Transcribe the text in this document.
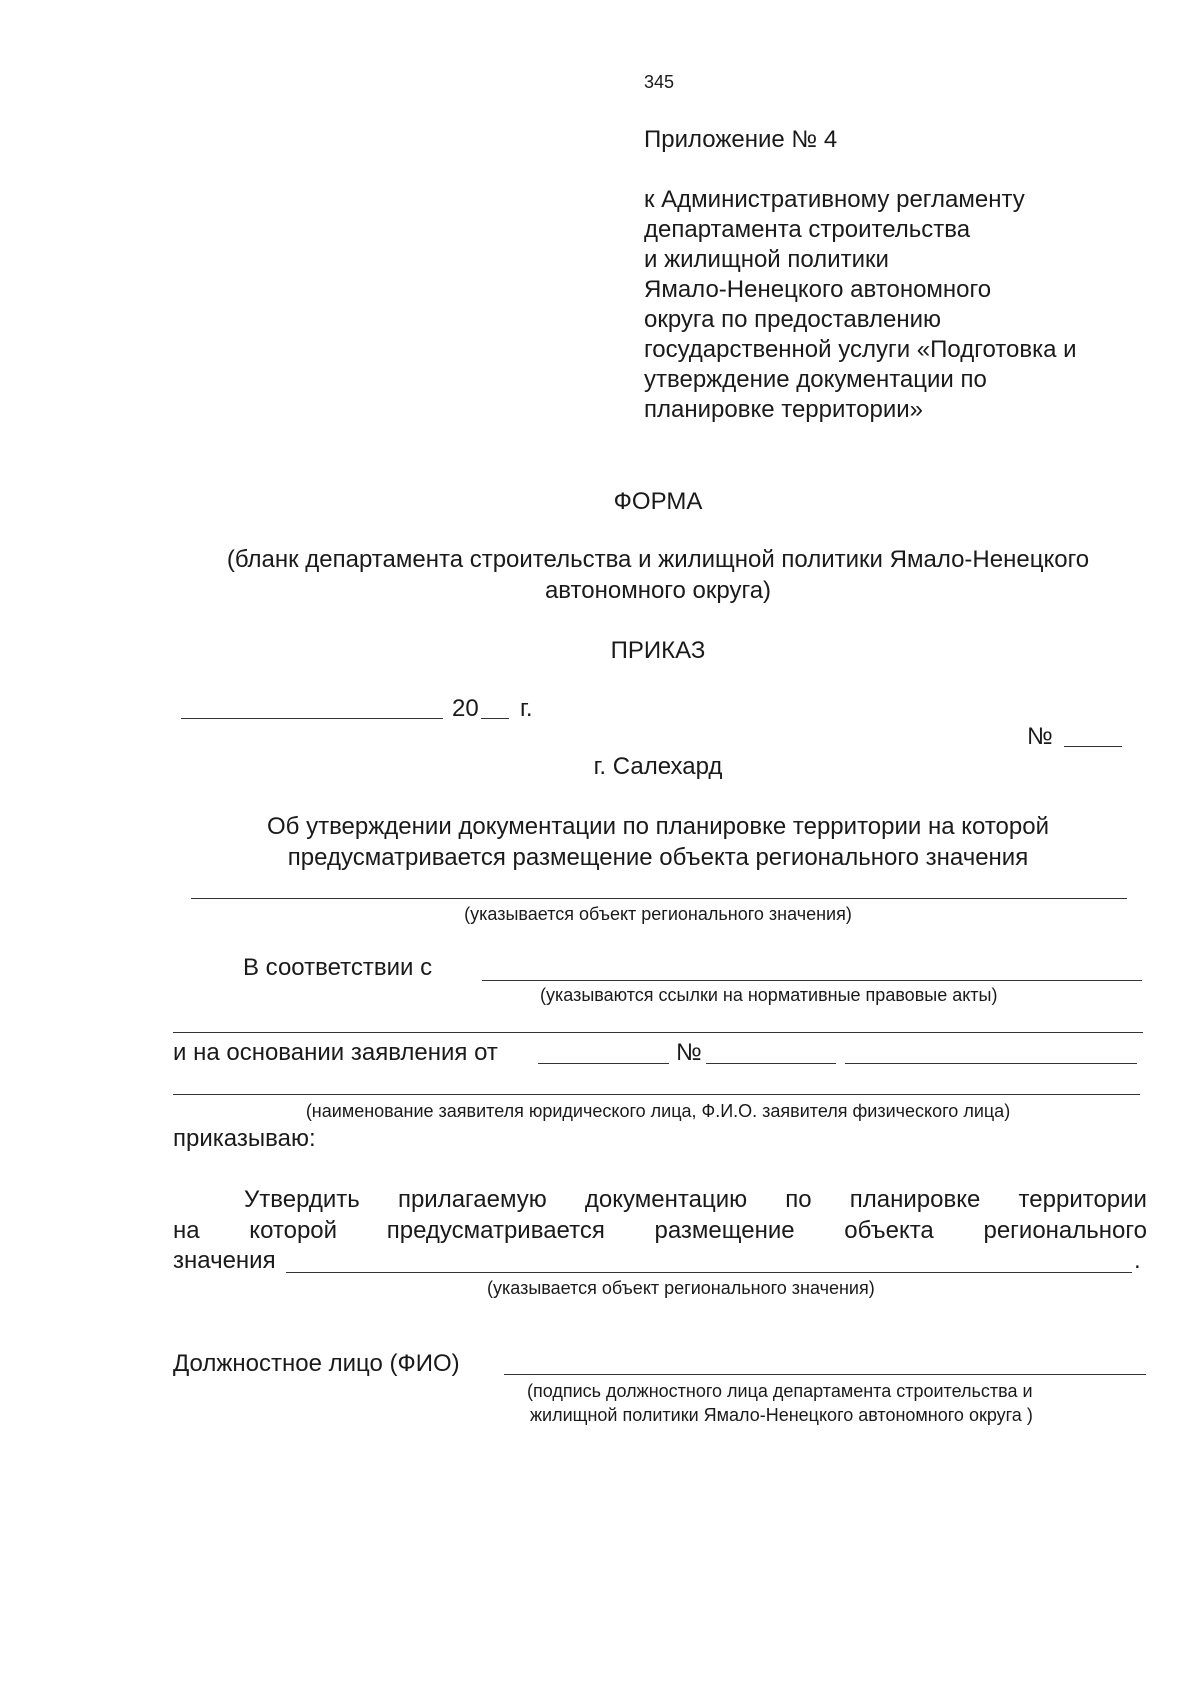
345
Приложение № 4
к Административному регламенту
департамента строительства
и жилищной политики
Ямало-Ненецкого автономного
округа по предоставлению
государственной услуги «Подготовка и
утверждение документации по
планировке территории»
ФОРМА
(бланк департамента строительства и жилищной политики Ямало-Ненецкого
автономного округа)
ПРИКАЗ
20 г.
№
г. Салехард
Об утверждении документации по планировке территории на которой
предусматривается размещение объекта регионального значения
(указывается объект регионального значения)
В соответствии с
(указываются ссылки на нормативные правовые акты)
и на основании заявления от	№
(наименование заявителя юридического лица, Ф.И.О. заявителя физического лица)
приказываю:
Утвердить прилагаемую документацию по планировке территории
на которой предусматривается размещение объекта регионального
значения	.
(указывается объект регионального значения)
Должностное лицо (ФИО)
(подпись должностного лица департамента строительства и
жилищной политики Ямало-Ненецкого автономного округа )
